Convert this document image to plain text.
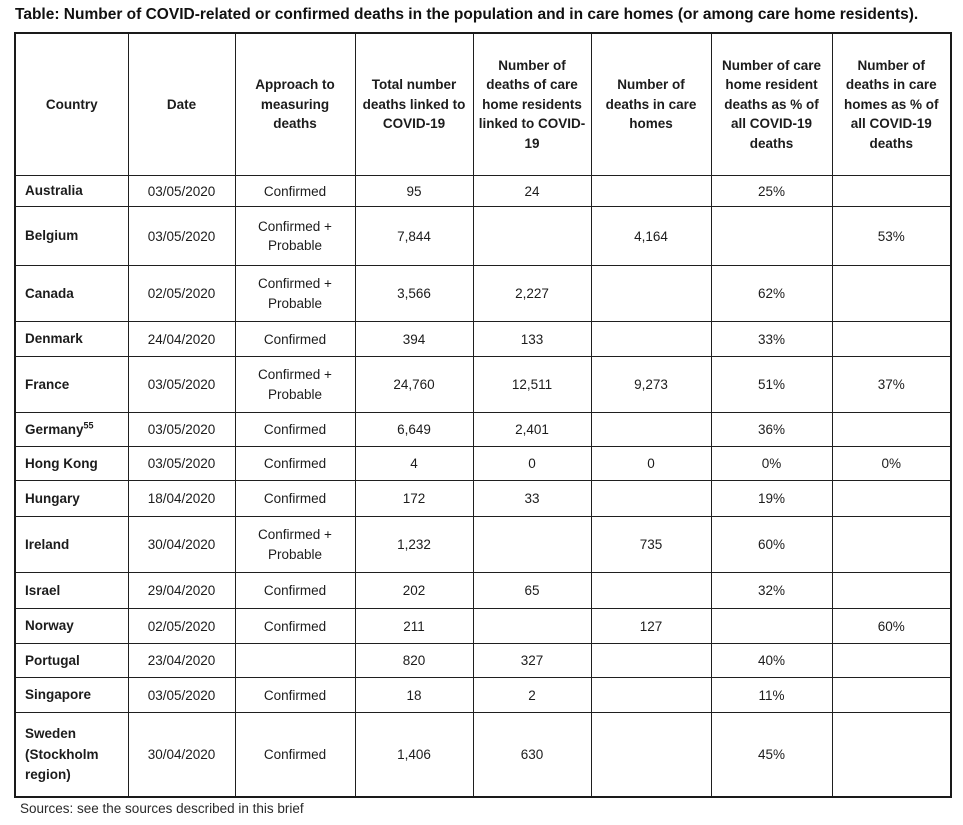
Table: Number of COVID-related or confirmed deaths in the population and in care homes (or among care home residents).
Country	Date	Approach to measuring deaths	Total number deaths linked to COVID-19	Number of deaths of care home residents linked to COVID-19	Number of deaths in care homes	Number of care home resident deaths as % of all COVID-19 deaths	Number of deaths in care homes as % of all COVID-19 deaths
Australia	03/05/2020	Confirmed	95	24		25%	
Belgium	03/05/2020	Confirmed + Probable	7,844		4,164		53%
Canada	02/05/2020	Confirmed + Probable	3,566	2,227		62%	
Denmark	24/04/2020	Confirmed	394	133		33%	
France	03/05/2020	Confirmed + Probable	24,760	12,511	9,273	51%	37%
Germany$^{55}$	03/05/2020	Confirmed	6,649	2,401		36%	
Hong Kong	03/05/2020	Confirmed	4	0	0	0%	0%
Hungary	18/04/2020	Confirmed	172	33		19%	
Ireland	30/04/2020	Confirmed + Probable	1,232		735	60%	
Israel	29/04/2020	Confirmed	202	65		32%	
Norway	02/05/2020	Confirmed	211		127		60%
Portugal	23/04/2020		820	327		40%	
Singapore	03/05/2020	Confirmed	18	2		11%	
Sweden (Stockholm region)	30/04/2020	Confirmed	1,406	630		45%	
Sources: see the sources described in this brief
